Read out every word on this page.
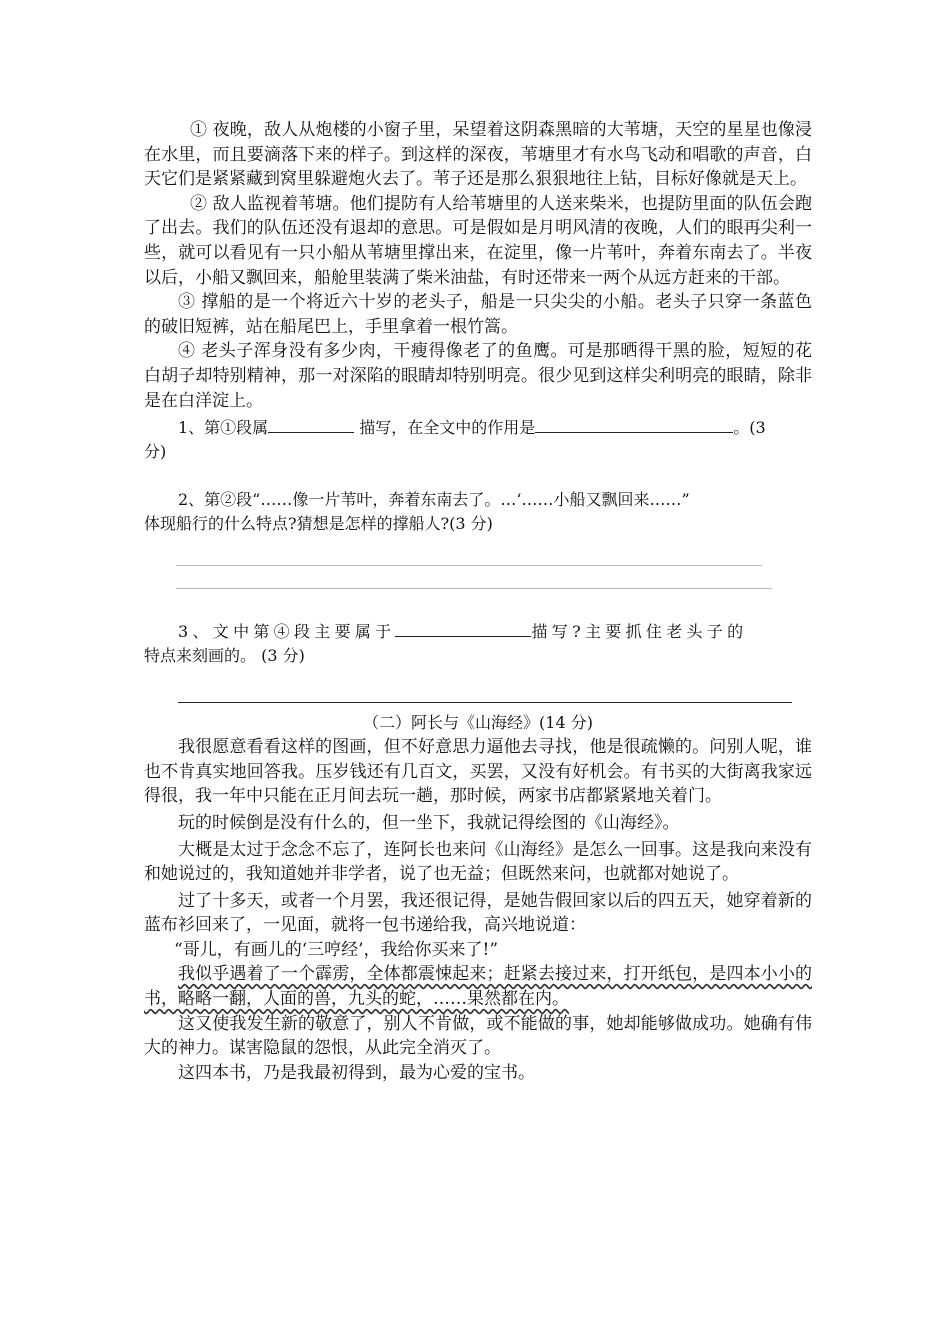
① 夜晚，敌人从炮楼的小窗子里，呆望着这阴森黑暗的大苇塘，天空的星星也像浸在水里，而且要滴落下来的样子。到这样的深夜，苇塘里才有水鸟飞动和唱歌的声音，白天它们是紧紧藏到窝里躲避炮火去了。苇子还是那么狠狠地往上钻，目标好像就是天上。

② 敌人监视着苇塘。他们提防有人给苇塘里的人送来柴米，也提防里面的队伍会跑了出去。我们的队伍还没有退却的意思。可是假如是月明风清的夜晚，人们的眼再尖利一些，就可以看见有一只小船从苇塘里撑出来，在淀里，像一片苇叶，奔着东南去了。半夜以后，小船又飘回来，船舱里装满了柴米油盐，有时还带来一两个从远方赶来的干部。

③ 撑船的是一个将近六十岁的老头子，船是一只尖尖的小船。老头子只穿一条蓝色的破旧短裤，站在船尾巴上，手里拿着一根竹篙。

④ 老头子浑身没有多少肉，干瘦得像老了的鱼鹰。可是那晒得干黑的脸，短短的花白胡子却特别精神，那一对深陷的眼睛却特别明亮。很少见到这样尖利明亮的眼睛，除非是在白洋淀上。

1、第①段属	描写，在全文中的作用是	。(3

分)

2、第②段“……像一片苇叶，奔着东南去了。…‘……小船又飘回来……”

体现船行的什么特点?猜想是怎样的撑船人?(3 分)

3、文中第④段主要属于	描写?主要抓住老头子的

特点来刻画的。 (3 分)

（二）阿长与《山海经》(14 分)

我很愿意看看这样的图画，但不好意思力逼他去寻找，他是很疏懒的。问别人呢，谁也不肯真实地回答我。压岁钱还有几百文，买罢，又没有好机会。有书买的大街离我家远得很，我一年中只能在正月间去玩一趟，那时候，两家书店都紧紧地关着门。

玩的时候倒是没有什么的，但一坐下，我就记得绘图的《山海经》。

大概是太过于念念不忘了，连阿长也来问《山海经》是怎么一回事。这是我向来没有和她说过的，我知道她并非学者，说了也无益；但既然来问，也就都对她说了。

过了十多天，或者一个月罢，我还很记得，是她告假回家以后的四五天，她穿着新的蓝布衫回来了，一见面，就将一包书递给我，高兴地说道：

“哥儿，有画儿的‘三哼经’，我给你买来了!”

我似乎遇着了一个霹雳，全体都震悚起来；赶紧去接过来，打开纸包，是四本小小的书，略略一翻，人面的兽，九头的蛇，……果然都在内。

这又使我发生新的敬意了，别人不肯做，或不能做的事，她却能够做成功。她确有伟大的神力。谋害隐鼠的怨恨，从此完全消灭了。

这四本书，乃是我最初得到，最为心爱的宝书。
